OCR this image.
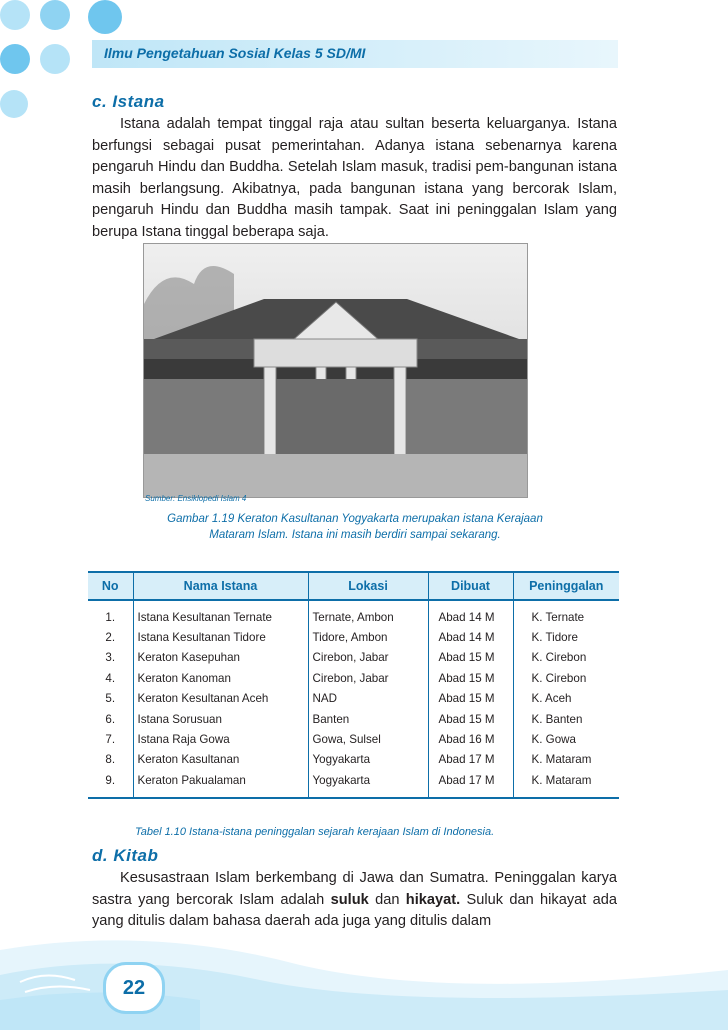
Ilmu Pengetahuan Sosial Kelas 5 SD/MI
c. Istana

Istana adalah tempat tinggal raja atau sultan beserta keluarganya. Istana berfungsi sebagai pusat pemerintahan. Adanya istana sebenarnya karena pengaruh Hindu dan Buddha. Setelah Islam masuk, tradisi pem-bangunan istana masih berlangsung. Akibatnya, pada bangunan istana yang bercorak Islam, pengaruh Hindu dan Buddha masih tampak. Saat ini peninggalan Islam yang berupa Istana tinggal beberapa saja.

Sumber: Ensiklopedi Islam 4
Gambar 1.19 Keraton Kasultanan Yogyakarta merupakan istana Kerajaan
Mataram Islam. Istana ini masih berdiri sampai sekarang.
No	Nama Istana	Lokasi	Dibuat	Peninggalan
1.	Istana Kesultanan Ternate	Ternate, Ambon	Abad 14 M	K. Ternate
2.	Istana Kesultanan Tidore	Tidore, Ambon	Abad 14 M	K. Tidore
3.	Keraton Kasepuhan	Cirebon, Jabar	Abad 15 M	K. Cirebon
4.	Keraton Kanoman	Cirebon, Jabar	Abad 15 M	K. Cirebon
5.	Keraton Kesultanan Aceh	NAD	Abad 15 M	K. Aceh
6.	Istana Sorusuan	Banten	Abad 15 M	K. Banten
7.	Istana Raja Gowa	Gowa, Sulsel	Abad 16 M	K. Gowa
8.	Keraton Kasultanan	Yogyakarta	Abad 17 M	K. Mataram
9.	Keraton Pakualaman	Yogyakarta	Abad 17 M	K. Mataram
Tabel 1.10 Istana-istana peninggalan sejarah kerajaan Islam di Indonesia.
d. Kitab

Kesusastraan Islam berkembang di Jawa dan Sumatra. Peninggalan karya sastra yang bercorak Islam adalah suluk dan hikayat. Suluk dan hikayat ada yang ditulis dalam bahasa daerah ada juga yang ditulis dalam

22
